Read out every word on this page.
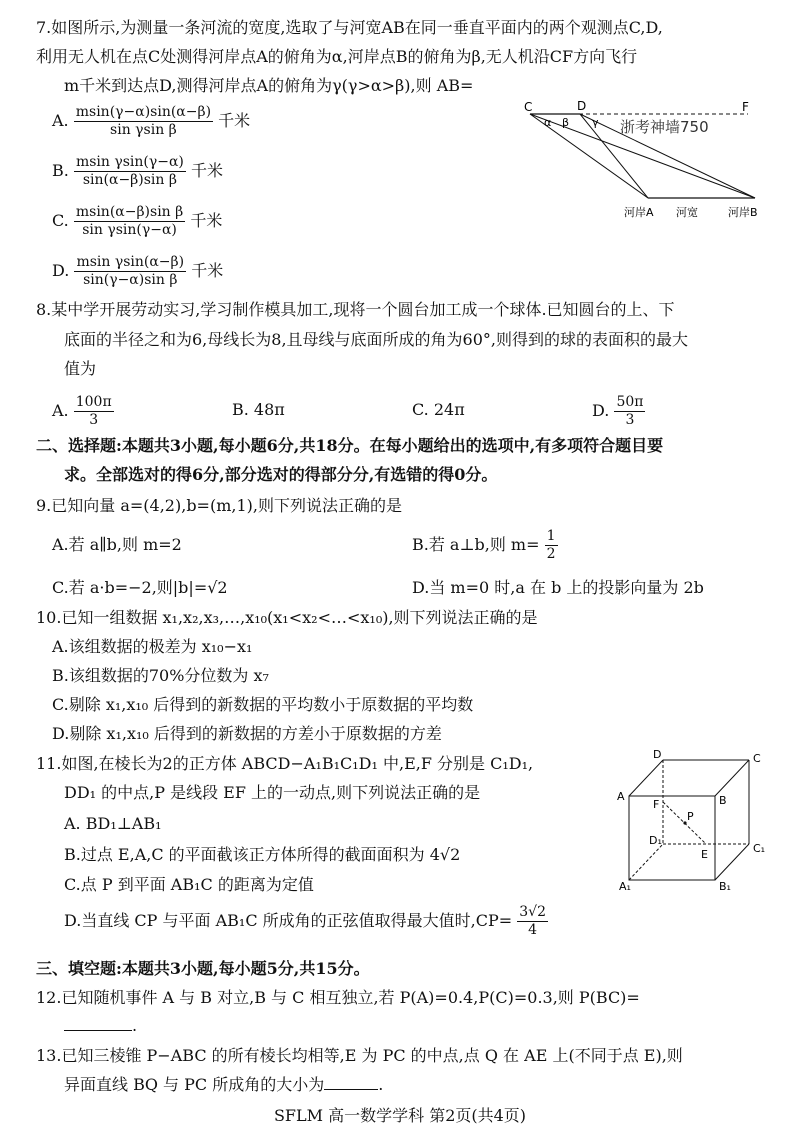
7.如图所示,为测量一条河流的宽度,选取了与河宽AB在同一垂直平面内的两个观测点C,D,
利用无人机在点C处测得河岸点A的俯角为α,河岸点B的俯角为β,无人机沿CF方向飞行
m千米到达点D,测得河岸点A的俯角为γ(γ>α>β),则 AB=
A. $\frac{msin(\gamma-\alpha)\sin(\alpha-\beta)}{\text{sin γsin β}}$ 千米
B. $\frac{\text{msin γsin(γ−α)}}{\text{sin(α−β)sin β}}$ 千米
C. $\frac{\text{msin(α−β)sin β}}{\text{sin γsin(γ−α)}}$ 千米
D. $\frac{\text{msin γsin(α−β)}}{\text{sin(γ−α)sin β}}$ 千米
C	D	F
α β γ 浙考神墙750
河岸A 河宽	河岸B
8.某中学开展劳动实习,学习制作模具加工,现将一个圆台加工成一个球体.已知圆台的上、下
底面的半径之和为6,母线长为8,且母线与底面所成的角为60°,则得到的球的表面积的最大
值为
A. $\frac{100\pi}{3}$	B. 48π	C. 24π	D. $\frac{50\pi}{3}$
二、选择题:本题共3小题,每小题6分,共18分。在每小题给出的选项中,有多项符合题目要
求。全部选对的得6分,部分选对的得部分分,有选错的得0分。
9.已知向量 a=(4,2),b=(m,1),则下列说法正确的是
A.若 a∥b,则 m=2	B.若 a⊥b,则 $m= \frac{1}{2}$
C.若 a·b=−2,则|b|=√2	D.当 m=0 时,a 在 b 上的投影向量为 2b
10.已知一组数据 x₁,x₂,x₃,…,x₁₀(x₁<x₂<…<x₁₀),则下列说法正确的是
A.该组数据的极差为 x₁₀−x₁
B.该组数据的70%分位数为 x₇
C.剔除 x₁,x₁₀ 后得到的新数据的平均数小于原数据的平均数
D.剔除 x₁,x₁₀ 后得到的新数据的方差小于原数据的方差
11.如图,在棱长为2的正方体 ABCD−A₁B₁C₁D₁ 中,E,F 分别是 C₁D₁,
DD₁ 的中点,P 是线段 EF 上的一动点,则下列说法正确的是
A. BD₁⊥AB₁
B.过点 E,A,C 的平面截该正方体所得的截面面积为 4√2
C.点 P 到平面 AB₁C 的距离为定值
D.当直线 CP 与平面 AB₁C 所成角的正弦值取得最大值时$,CP= \frac{3√2}{4}$
D	C
A	B
F
P
D₁
E	C₁
A₁	B₁
三、填空题:本题共3小题,每小题5分,共15分。
12.已知随机事件 A 与 B 对立,B 与 C 相互独立,若 P(A)=0.4,P(C)=0.3,则 P(BC)=
.
13.已知三棱锥 P−ABC 的所有棱长均相等,E 为 PC 的中点,点 Q 在 AE 上(不同于点 E),则
异面直线 BQ 与 PC 所成角的大小为	.
SFLM 高一数学学科 第2页(共4页)
